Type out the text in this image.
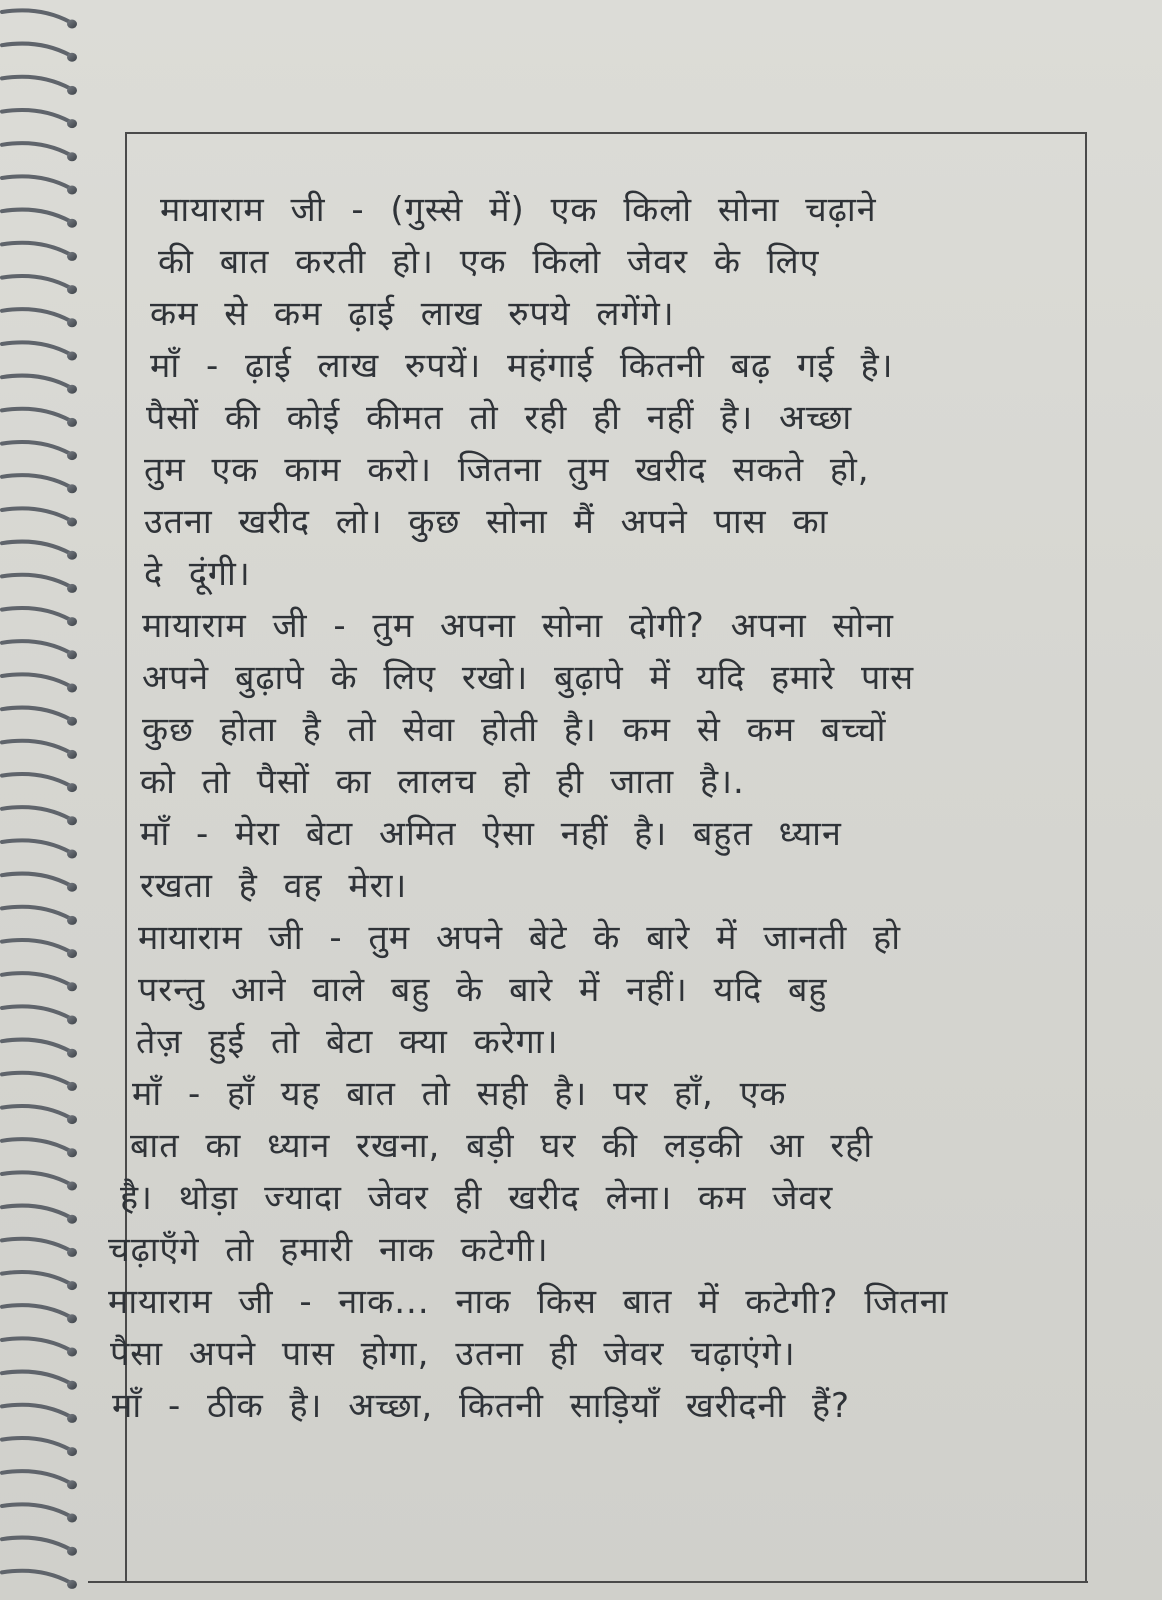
मायाराम जी - (गुस्से में) एक किलो सोना चढ़ाने

की बात करती हो। एक किलो जेवर के लिए

कम से कम ढ़ाई लाख रुपये लगेंगे।

माँ - ढ़ाई लाख रुपयें। महंगाई कितनी बढ़ गई है।

पैसों की कोई कीमत तो रही ही नहीं है। अच्छा

तुम एक काम करो। जितना तुम खरीद सकते हो,

उतना खरीद लो। कुछ सोना मैं अपने पास का

दे दूंगी।

मायाराम जी - तुम अपना सोना दोगी? अपना सोना

अपने बुढ़ापे के लिए रखो। बुढ़ापे में यदि हमारे पास

कुछ होता है तो सेवा होती है। कम से कम बच्चों

को तो पैसों का लालच हो ही जाता है।.

माँ - मेरा बेटा अमित ऐसा नहीं है। बहुत ध्यान

रखता है वह मेरा।

मायाराम जी - तुम अपने बेटे के बारे में जानती हो

परन्तु आने वाले बहु के बारे में नहीं। यदि बहु

तेज़ हुई तो बेटा क्या करेगा।

माँ - हाँ यह बात तो सही है। पर हाँ, एक

बात का ध्यान रखना, बड़ी घर की लड़की आ रही

है। थोड़ा ज्यादा जेवर ही खरीद लेना। कम जेवर

चढ़ाएँगे तो हमारी नाक कटेगी।

मायाराम जी - नाक... नाक किस बात में कटेगी? जितना

पैसा अपने पास होगा, उतना ही जेवर चढ़ाएंगे।

माँ - ठीक है। अच्छा, कितनी साड़ियाँ खरीदनी हैं?
